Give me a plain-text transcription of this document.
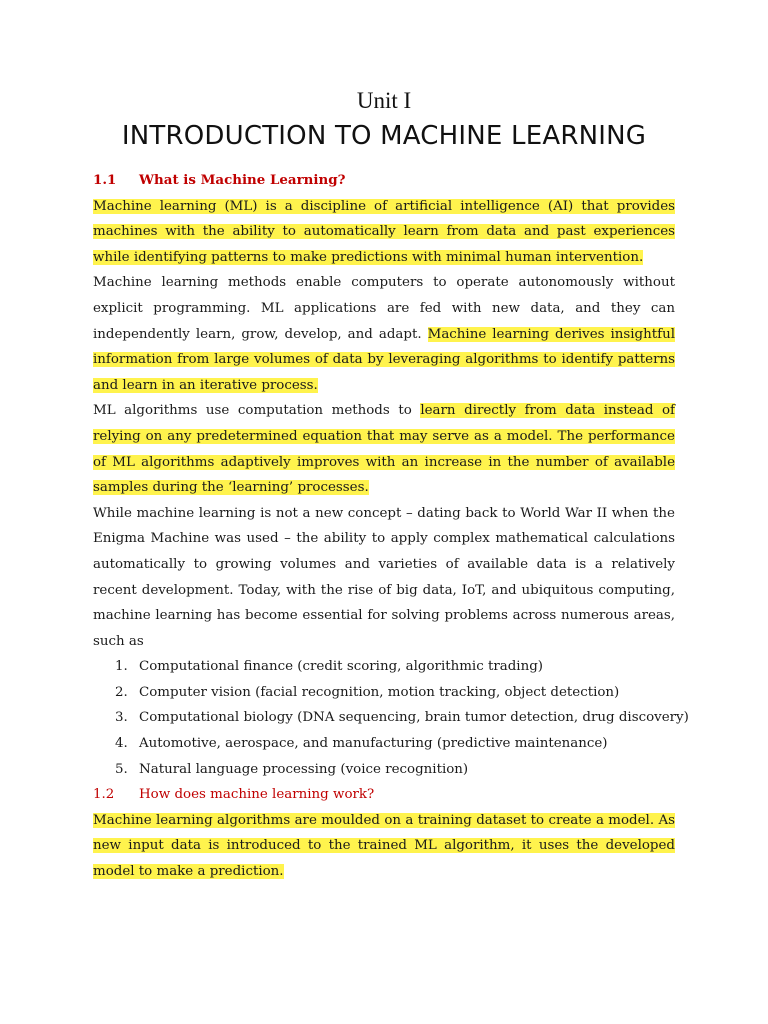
Unit I
INTRODUCTION TO MACHINE LEARNING
1.1 What is Machine Learning?

Machine learning (ML) is a discipline of artificial intelligence (AI) that provides machines with the ability to automatically learn from data and past experiences while identifying patterns to make predictions with minimal human intervention.

Machine learning methods enable computers to operate autonomously without explicit programming. ML applications are fed with new data, and they can independently learn, grow, develop, and adapt. Machine learning derives insightful information from large volumes of data by leveraging algorithms to identify patterns and learn in an iterative process.

ML algorithms use computation methods to learn directly from data instead of relying on any predetermined equation that may serve as a model. The performance of ML algorithms adaptively improves with an increase in the number of available samples during the ‘learning’ processes.

While machine learning is not a new concept – dating back to World War II when the Enigma Machine was used – the ability to apply complex mathematical calculations automatically to growing volumes and varieties of available data is a relatively recent development. Today, with the rise of big data, IoT, and ubiquitous computing, machine learning has become essential for solving problems across numerous areas, such as

1. Computational finance (credit scoring, algorithmic trading)
2. Computer vision (facial recognition, motion tracking, object detection)
3. Computational biology (DNA sequencing, brain tumor detection, drug discovery)
4. Automotive, aerospace, and manufacturing (predictive maintenance)
5. Natural language processing (voice recognition)
1.2 How does machine learning work?

Machine learning algorithms are moulded on a training dataset to create a model. As new input data is introduced to the trained ML algorithm, it uses the developed model to make a prediction.
